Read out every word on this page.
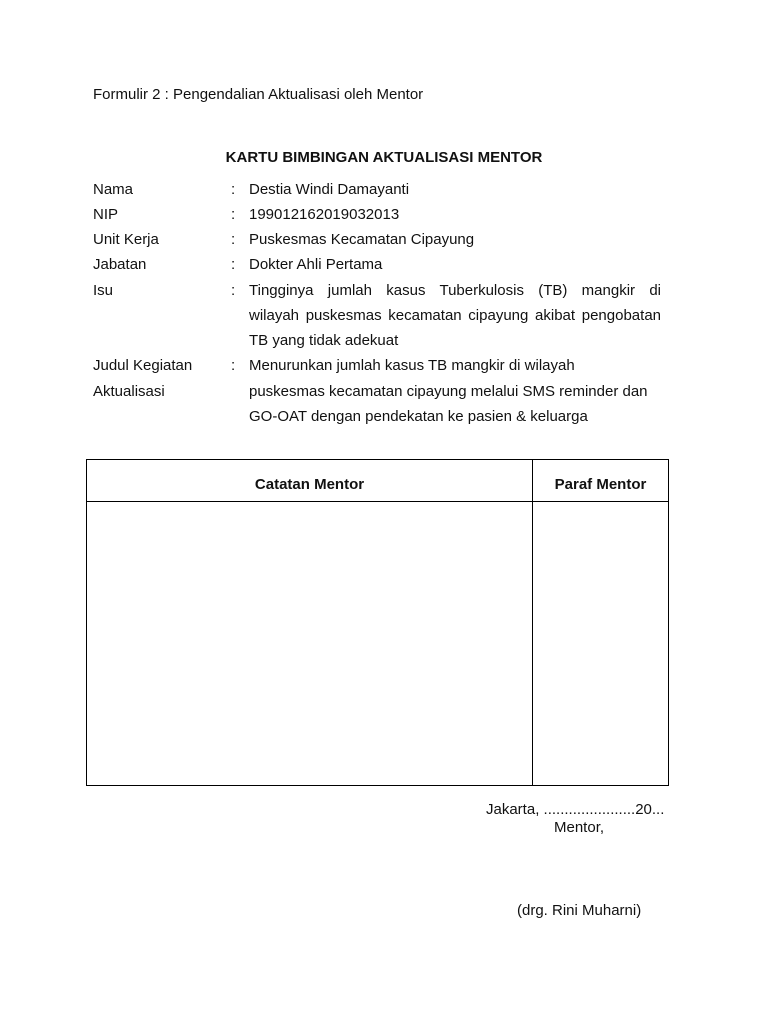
Formulir 2 : Pengendalian Aktualisasi oleh Mentor
KARTU BIMBINGAN AKTUALISASI MENTOR
Nama	: Destia Windi Damayanti
NIP	: 199012162019032013
Unit Kerja	: Puskesmas Kecamatan Cipayung
Jabatan	: Dokter Ahli Pertama
Isu	: Tingginya jumlah kasus Tuberkulosis (TB) mangkir di
wilayah puskesmas kecamatan cipayung akibat pengobatan
TB yang tidak adekuat
Judul Kegiatan
Aktualisasi
: Menurunkan jumlah kasus TB mangkir di wilayah
puskesmas kecamatan cipayung melalui SMS reminder dan
GO-OAT dengan pendekatan ke pasien & keluarga
Catatan Mentor	Paraf Mentor
Jakarta, ......................20...
Mentor,
(drg. Rini Muharni)
